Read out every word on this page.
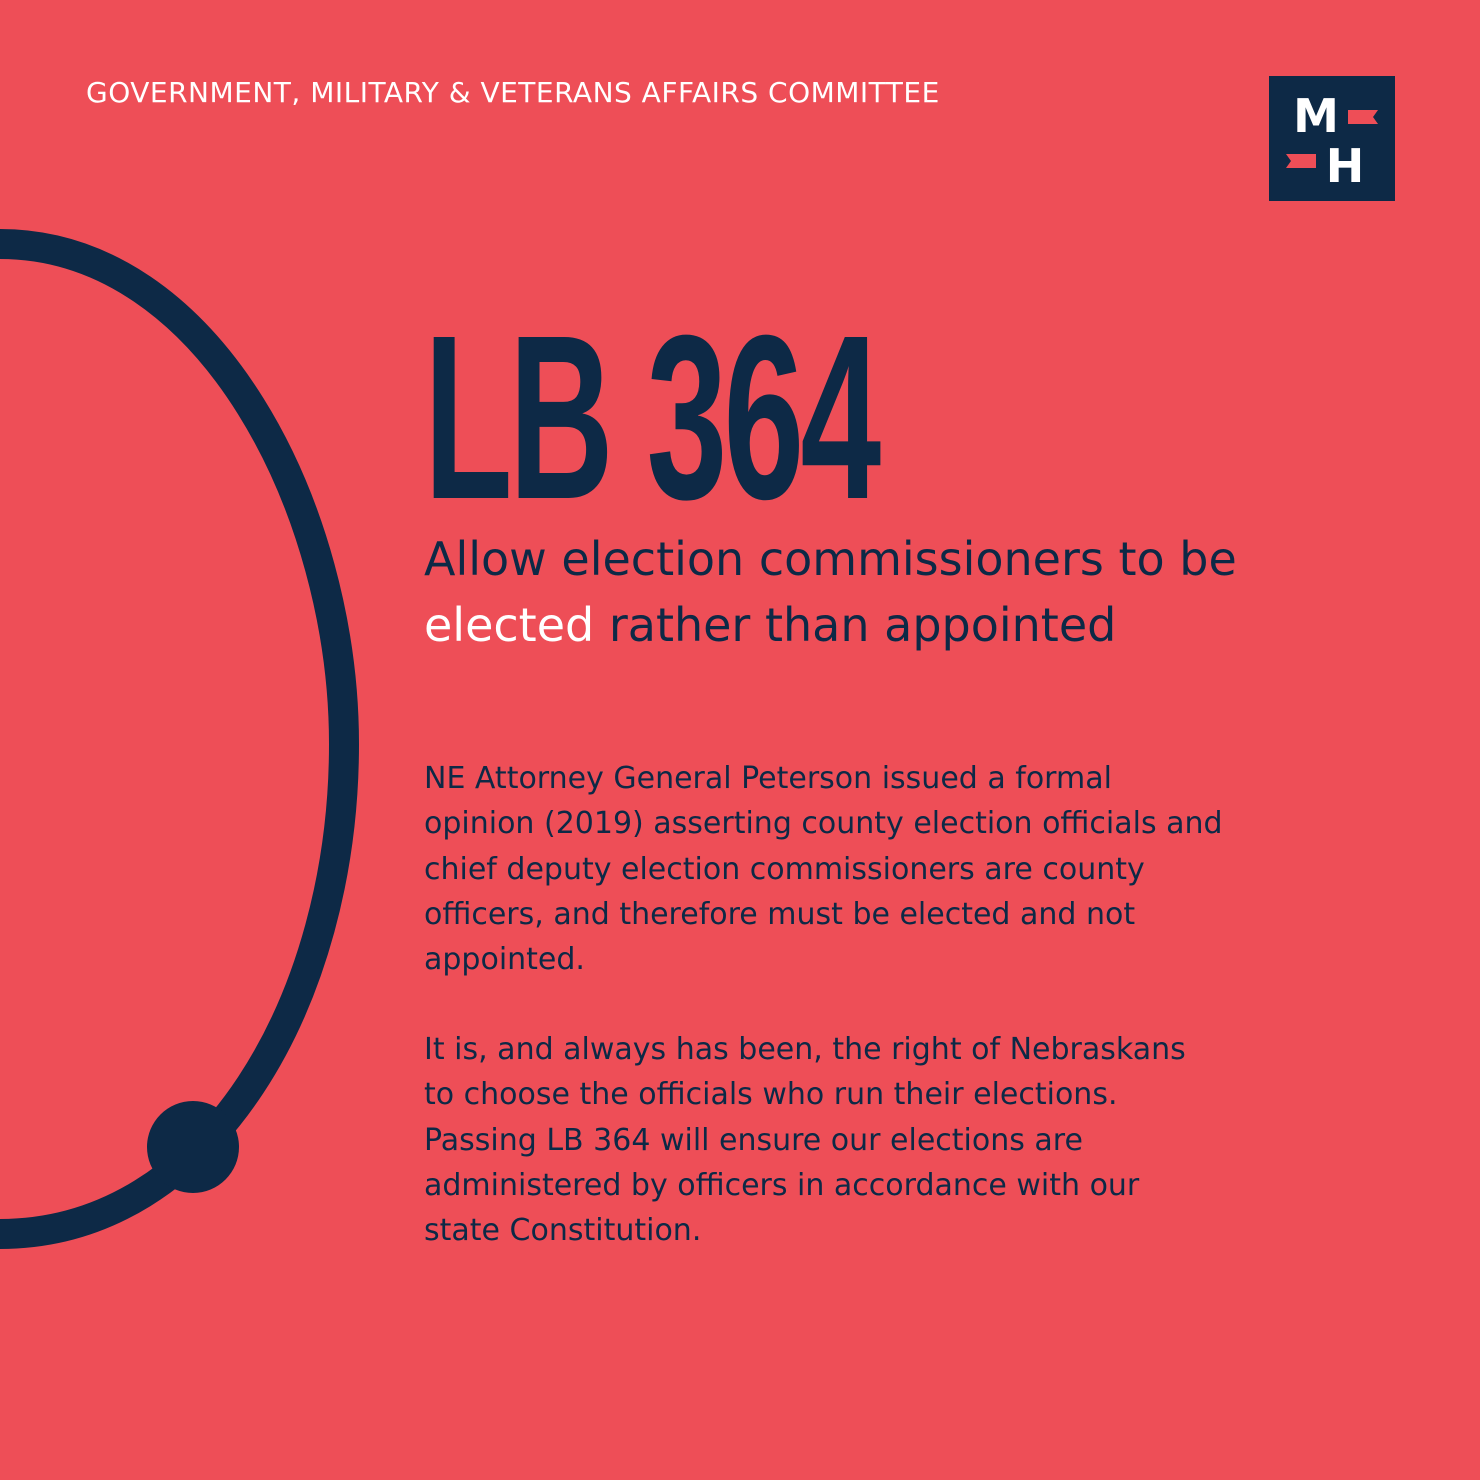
GOVERNMENT, MILITARY & VETERANS AFFAIRS COMMITTEE	M
H
LB 364
Allow election commissioners to be
elected rather than appointed
NE Attorney General Peterson issued a formal opinion (2019) asserting county election officials and chief deputy election commissioners are county officers, and therefore must be elected and not appointed.
It is, and always has been, the right of Nebraskans to choose the officials who run their elections. Passing LB 364 will ensure our elections are administered by officers in accordance with our state Constitution.
